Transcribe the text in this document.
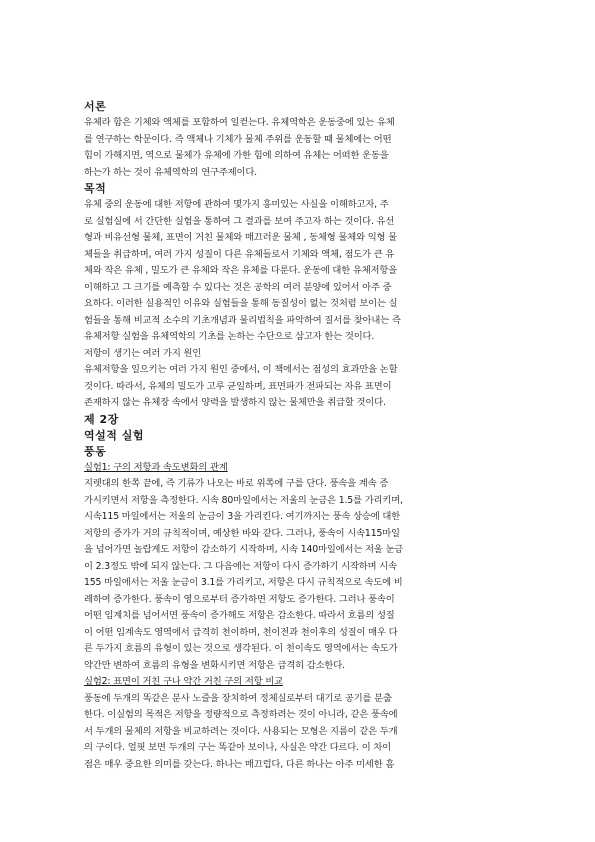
서론
유체라 함은 기체와 액체를 포함하여 일컫는다. 유체역학은 운동중에 있는 유체
를 연구하는 학문이다. 즉 액체나 기체가 물체 주위를 운동할 때 물체에는 어떤
힘이 가해지면, 역으로 물체가 유체에 가한 힘에 의하여 유체는 어떠한 운동을
하는가 하는 것이 유체역학의 연구주제이다.
목적
유체 중의 운동에 대한 저항에 관하여 몇가지 흥미있는 사실을 이해하고자, 주
로 실험실에 서 간단한 실험을 통하여 그 결과를 보여 주고자 하는 것이다. 유선
형과 비유선형 물체, 표면이 거친 물체와 매끄러운 물체 , 동체형 물체와 익형 물
체들을 취급하며, 여러 가지 성질이 다른 유체들로서 기체와 액체, 점도가 큰 유
체와 작은 유체 , 밀도가 큰 유체와 작은 유체를 다룬다. 운동에 대한 유체저항을
이해하고 그 크기를 예측할 수 있다는 것은 공학의 여러 분양에 있어서 아주 중
요하다. 이러한 실용적인 이유와 실험들을 통해 동질성이 없는 것처럼 보이는 실
험들을 통해 비교적 소수의 기초개념과 물리법칙을 파악하여 질서를 찾아내는 즉
유체저항 실험을 유체역학의 기초를 논하는 수단으로 삼고자 한는 것이다.
저항이 생기는 여러 가지 원인
유체저항을 일으키는 여러 가지 원인 중에서, 이 책에서는 점성의 효과만을 논할
것이다. 따라서, 유체의 밀도가 고루 균일하며, 표면파가 전파되는 자유 표면이
존재하지 않는 유체장 속에서 양력을 발생하지 않는 물체만을 취급할 것이다.
제 2장
역설적 실험
풍동
실험1: 구의 저항과 속도변화의 관계
지렛대의 한쪽 끝에, 즉 기류가 나오는 바로 위쪽에 구를 단다. 풍속을 계속 증
가시키면서 저항을 측정한다. 시속 80마일에서는 저울의 눈금은 1.5를 가리키며,
시속115 마일에서는 저울의 눈금이 3을 가리킨다. 여기까지는 풍속 상승에 대한
저항의 증가가 거의 규칙적이며, 예상한 바와 같다. 그러나, 풍속이 시속115마일
을 넘어가면 놀랍게도 저항이 감소하기 시작하며, 시속 140마일에서는 저울 눈금
이 2.3정도 밖에 되지 않는다. 그 다음에는 저항이 다시 증가하기 시작하며 시속
155 마일에서는 저울 눈금이 3.1를 가리키고, 저항은 다시 규칙적으로 속도에 비
례하여 증가한다. 풍속이 영으로부터 증가하면 저항도 증가한다. 그러나 풍속이
어떤 임계치를 넘어서면 풍속이 증가해도 저항은 감소한다. 따라서 흐름의 성질
이 어떤 임계속도 영역에서 급격히 천이하며, 천이전과 천이후의 성질이 매우 다
른 두가지 흐름의 유형이 있는 것으로 생각된다. 이 천이속도 영역에서는 속도가
약간만 변하여 흐름의 유형을 변화시키면 저항은 급격히 감소한다.
실험2: 표면이 거친 구나 약간 거친 구의 저항 비교
풍동에 두개의 똑같은 분사 노즐을 장치하여 정체실로부터 대기로 공기를 분출
한다. 이실험의 목적은 저항을 정량적으로 측정하려는 것이 아니라, 같은 풍속에
서 두개의 물체의 저항을 비교하려는 것이다. 사용되는 모형은 지름이 같은 두개
의 구이다. 얼핏 보면 두개의 구는 똑같아 보이나, 사실은 약간 다르다. 이 차이
점은 매우 중요한 의미를 갖는다. 하나는 매끄럽다, 다른 하나는 아주 미세한 흠
